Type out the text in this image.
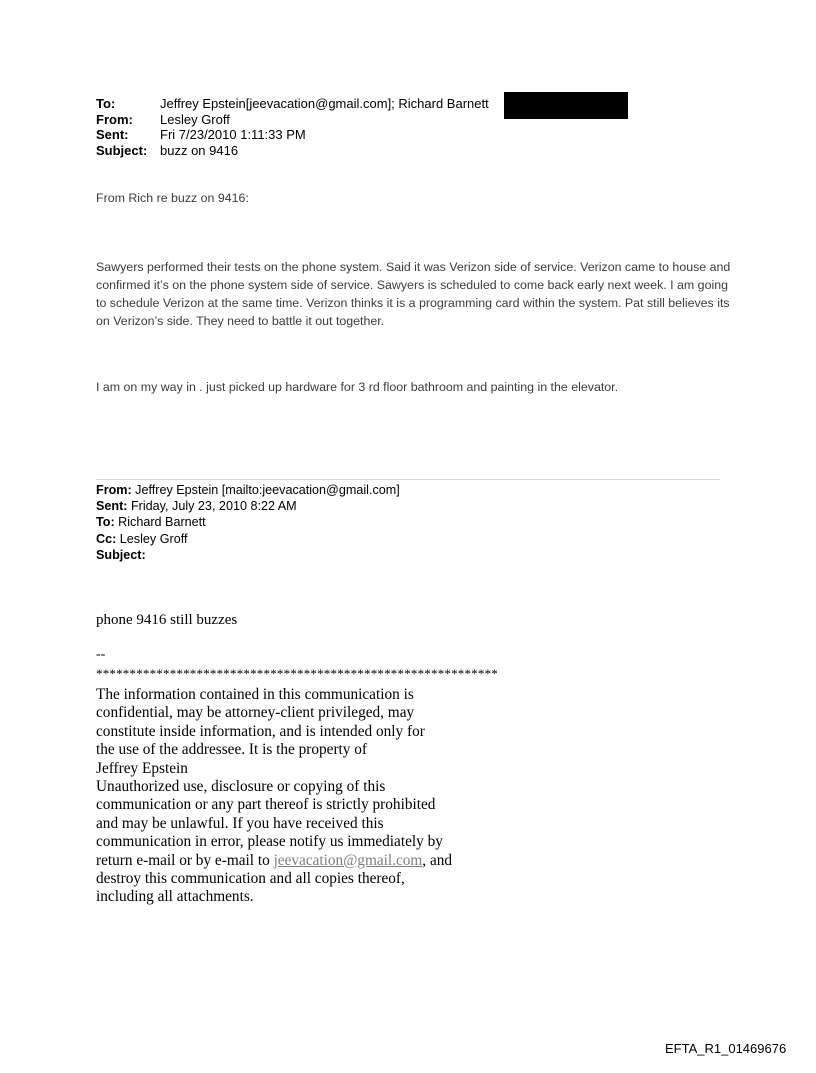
To:	Jeffrey Epstein[jeevacation@gmail.com]; Richard Barnett
From:	Lesley Groff
Sent:	Fri 7/23/2010 1:11:33 PM
Subject: buzz on 9416
From Rich re buzz on 9416:
Sawyers performed their tests on the phone system. Said it was Verizon side of service. Verizon came to house and confirmed it’s on the phone system side of service. Sawyers is scheduled to come back early next week. I am going to schedule Verizon at the same time. Verizon thinks it is a programming card within the system. Pat still believes its on Verizon’s side. They need to battle it out together.
I am on my way in . just picked up hardware for 3 rd floor bathroom and painting in the elevator.
From: Jeffrey Epstein [mailto:jeevacation@gmail.com]
Sent: Friday, July 23, 2010 8:22 AM
To: Richard Barnett
Cc: Lesley Groff
Subject:
phone 9416 still buzzes
--
************************************************************
The information contained in this communication is
confidential, may be attorney-client privileged, may
constitute inside information, and is intended only for
the use of the addressee. It is the property of
Jeffrey Epstein
Unauthorized use, disclosure or copying of this
communication or any part thereof is strictly prohibited
and may be unlawful. If you have received this
communication in error, please notify us immediately by
return e-mail or by e-mail to jeevacation@gmail.com, and
destroy this communication and all copies thereof,
including all attachments.
EFTA_R1_01469676
